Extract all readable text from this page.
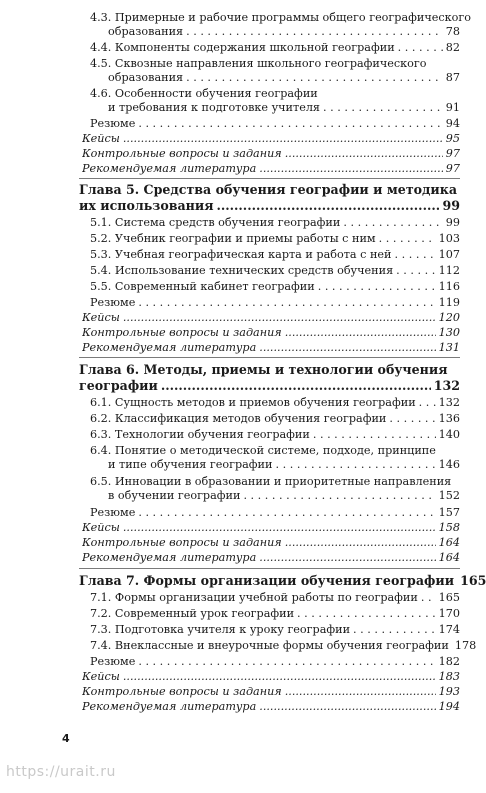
4.3. Примерные и рабочие программы общего географического
образования . . .	78
4.4. Компоненты содержания школьной географии . . .	82
4.5. Сквозные направления школьного географического
образования . . .	87
4.6. Особенности обучения географии
и требования к подготовке учителя . . .	91
Резюме . . .	94
Кейсы .....	95
Контрольные вопросы и задания .....	97
Рекомендуемая литература .....	97
Глава 5. Средства обучения географии и методика
их использования .....	99
5.1. Система средств обучения географии . . .	99
5.2. Учебник географии и приемы работы с ним . . .	103
5.3. Учебная географическая карта и работа с ней . . .	107
5.4. Использование технических средств обучения . . .	112
5.5. Современный кабинет географии . . .	116
Резюме . . .	119
Кейсы .....	120
Контрольные вопросы и задания .....	130
Рекомендуемая литература .....	131
Глава 6. Методы, приемы и технологии обучения
географии .....	132
6.1. Сущность методов и приемов обучения географии . . . 132
6.2. Классификация методов обучения географии . . .	136
6.3. Технологии обучения географии . . .	140
6.4. Понятие о методической системе, подходе, принципе
и типе обучения географии . . .	146
6.5. Инновации в образовании и приоритетные направления
в обучении географии . . .	152
Резюме . . .	157
Кейсы .....	158
Контрольные вопросы и задания .....	164
Рекомендуемая литература .....	164
Глава 7. Формы организации обучения географии 165
7.1. Формы организации учебной работы по географии . . . 165
7.2. Современный урок географии . . .	170
7.3. Подготовка учителя к уроку географии . . .	174
7.4. Внеклассные и внеурочные формы обучения географии 178
Резюме . . .	182
Кейсы .....	183
Контрольные вопросы и задания .....	193
Рекомендуемая литература .....	194
4
https://urait.ru
